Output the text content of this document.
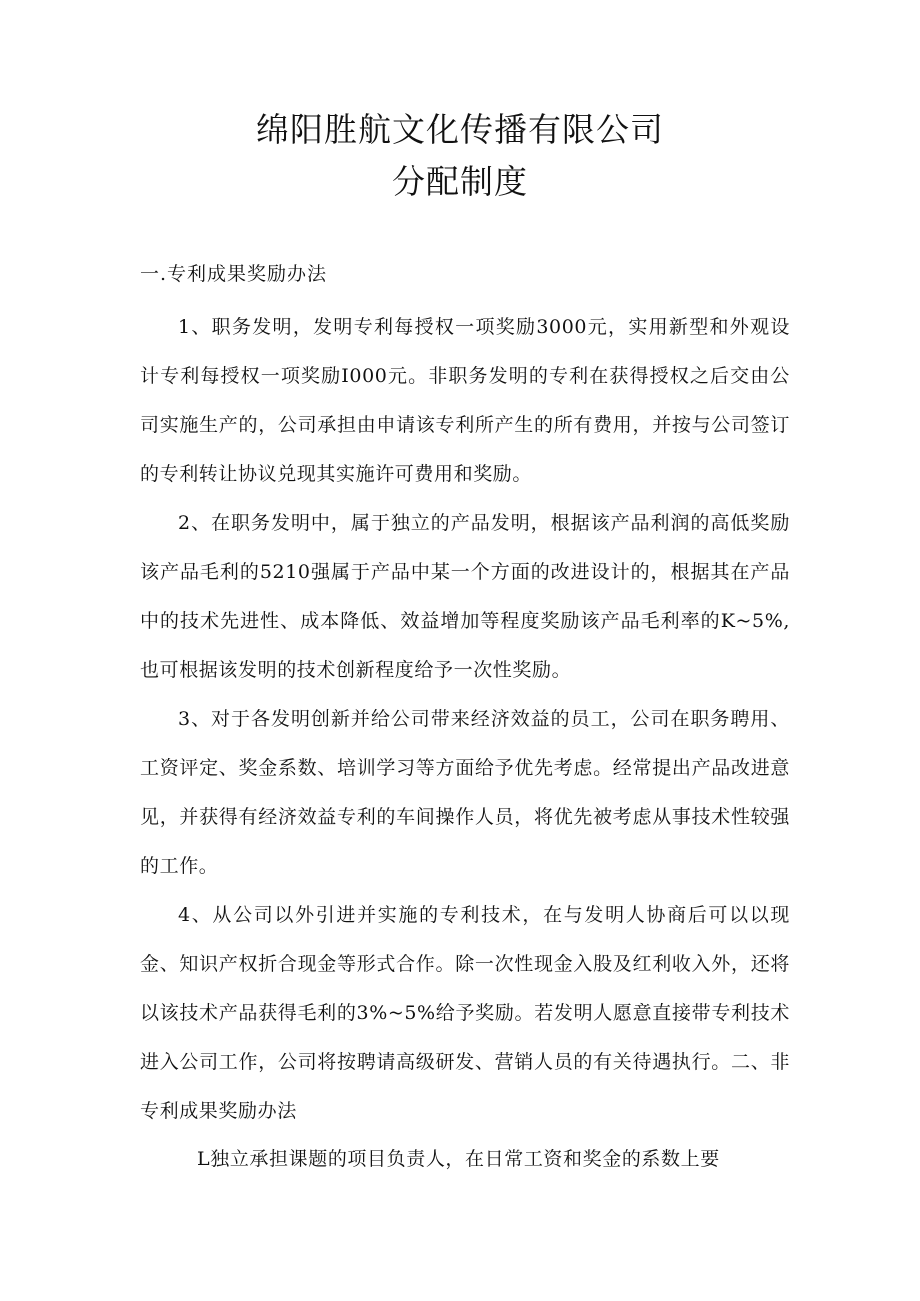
绵阳胜航文化传播有限公司
分配制度

一.专利成果奖励办法

1、职务发明，发明专利每授权一项奖励3000元，实用新型和外观设计专利每授权一项奖励I000元。非职务发明的专利在获得授权之后交由公司实施生产的，公司承担由申请该专利所产生的所有费用，并按与公司签订的专利转让协议兑现其实施许可费用和奖励。

2、在职务发明中，属于独立的产品发明，根据该产品利润的高低奖励该产品毛利的5210强属于产品中某一个方面的改进设计的，根据其在产品中的技术先进性、成本降低、效益增加等程度奖励该产品毛利率的K~5%,也可根据该发明的技术创新程度给予一次性奖励。

3、对于各发明创新并给公司带来经济效益的员工，公司在职务聘用、工资评定、奖金系数、培训学习等方面给予优先考虑。经常提出产品改进意见，并获得有经济效益专利的车间操作人员，将优先被考虑从事技术性较强的工作。

4、从公司以外引进并实施的专利技术，在与发明人协商后可以以现金、知识产权折合现金等形式合作。除一次性现金入股及红利收入外，还将以该技术产品获得毛利的3%~5%给予奖励。若发明人愿意直接带专利技术进入公司工作，公司将按聘请高级研发、营销人员的有关待遇执行。二、非专利成果奖励办法

L独立承担课题的项目负责人，在日常工资和奖金的系数上要
